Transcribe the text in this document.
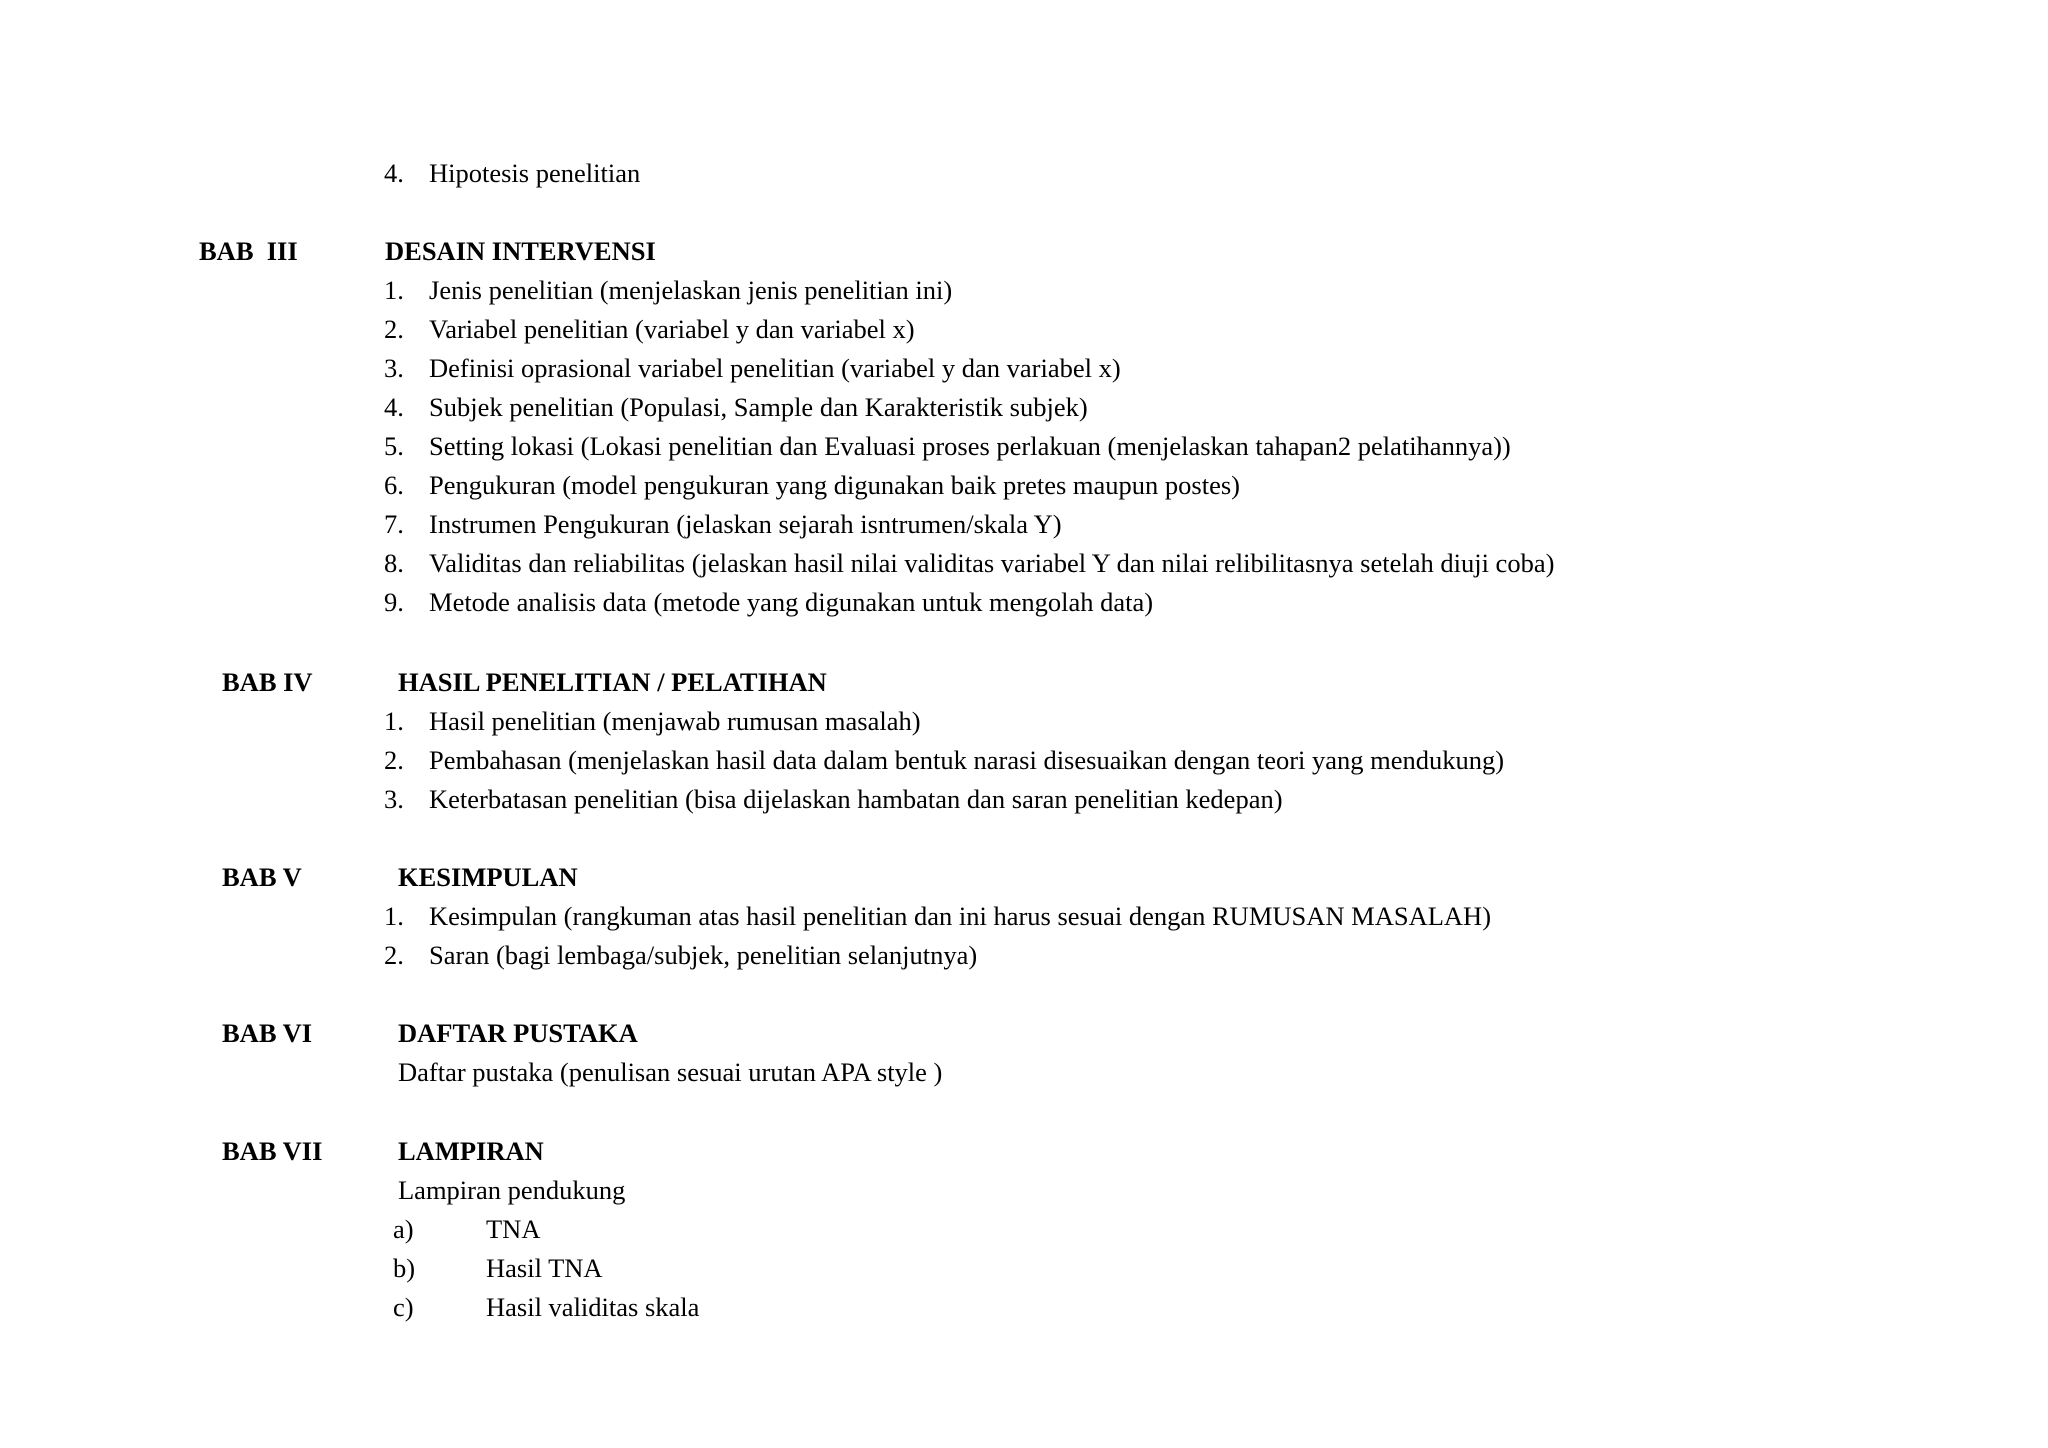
4. Hipotesis penelitian
BAB  III	DESAIN INTERVENSI
1. Jenis penelitian (menjelaskan jenis penelitian ini)
2. Variabel penelitian (variabel y dan variabel x)
3. Definisi oprasional variabel penelitian (variabel y dan variabel x)
4. Subjek penelitian (Populasi, Sample dan Karakteristik subjek)
5. Setting lokasi (Lokasi penelitian dan Evaluasi proses perlakuan (menjelaskan tahapan2 pelatihannya))
6. Pengukuran (model pengukuran yang digunakan baik pretes maupun postes)
7. Instrumen Pengukuran (jelaskan sejarah isntrumen/skala Y)
8. Validitas dan reliabilitas (jelaskan hasil nilai validitas variabel Y dan nilai relibilitasnya setelah diuji coba)
9. Metode analisis data (metode yang digunakan untuk mengolah data)
BAB IV	HASIL PENELITIAN / PELATIHAN
1. Hasil penelitian (menjawab rumusan masalah)
2. Pembahasan (menjelaskan hasil data dalam bentuk narasi disesuaikan dengan teori yang mendukung)
3. Keterbatasan penelitian (bisa dijelaskan hambatan dan saran penelitian kedepan)
BAB V	KESIMPULAN
1. Kesimpulan (rangkuman atas hasil penelitian dan ini harus sesuai dengan RUMUSAN MASALAH)
2. Saran (bagi lembaga/subjek, penelitian selanjutnya)
BAB VI	DAFTAR PUSTAKA
Daftar pustaka (penulisan sesuai urutan APA style )
BAB VII	LAMPIRAN
Lampiran pendukung
a)	TNA
b)	Hasil TNA
c)	Hasil validitas skala
